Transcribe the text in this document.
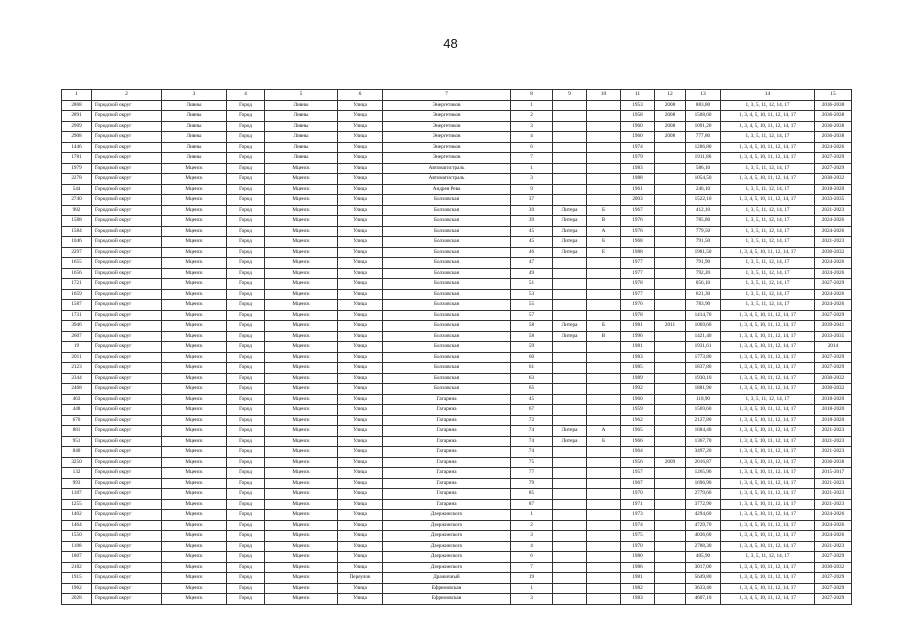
48
1	2	3	4	5	6	7	8	9	10	11	12	13	14	15
2868	Городской округ	Ливны	Город	Ливны	Улица	Энергетиков	1			1953	2008	883,80	1, 3, 5, 11, 12, 14, 17	2036-2038
2891	Городской округ	Ливны	Город	Ливны	Улица	Энергетиков	2			1958	2008	1508,60	1, 3, 4, 5, 10, 11, 12, 14, 17	2036-2038
2909	Городской округ	Ливны	Город	Ливны	Улица	Энергетиков	3			1960	2008	1091,20	1, 3, 4, 5, 10, 11, 12, 14, 17	2036-2038
2908	Городской округ	Ливны	Город	Ливны	Улица	Энергетиков	4			1960	2008	777,80	1, 3, 5, 11, 12, 14, 17	2036-2038
1446	Городской округ	Ливны	Город	Ливны	Улица	Энергетиков	6			1974		1286,80	1, 3, 4, 5, 10, 11, 12, 14, 17	2024-2026
1781	Городской округ	Ливны	Город	Ливны	Улица	Энергетиков	7			1979		1911,80	1, 3, 4, 5, 10, 11, 12, 14, 17	2027-2029
1979	Городской округ	Мценск	Город	Мценск	Улица	Автомагистраль	1			1983		586,10	1, 3, 5, 11, 12, 14, 17	2027-2029
2278	Городской округ	Мценск	Город	Мценск	Улица	Автомагистраль	3			1988		1054,50	1, 3, 4, 5, 10, 11, 12, 14, 17	2030-2032
544	Городской округ	Мценск	Город	Мценск	Улица	Андрея Рева	9			1961		246,10	1, 3, 5, 11, 12, 14, 17	2018-2020
2740	Городской округ	Мценск	Город	Мценск	Улица	Болховская	37			2003		1522,10	1, 3, 4, 5, 10, 11, 12, 14, 17	2033-2035
982	Городской округ	Мценск	Город	Мценск	Улица	Болховская	39	Литера	Б	1967		412,10	1, 3, 5, 11, 12, 14, 17	2021-2023
1588	Городской округ	Мценск	Город	Мценск	Улица	Болховская	39	Литера	В	1976		785,80	1, 3, 5, 11, 12, 14, 17	2024-2026
1584	Городской округ	Мценск	Город	Мценск	Улица	Болховская	45	Литера	А	1976		779,50	1, 3, 5, 11, 12, 14, 17	2024-2026
1046	Городской округ	Мценск	Город	Мценск	Улица	Болховская	45	Литера	Б	1968		791,50	1, 3, 5, 11, 12, 14, 17	2021-2023
2297	Городской округ	Мценск	Город	Мценск	Улица	Болховская	46	Литера	Е	1988		1981,50	1, 3, 4, 5, 10, 11, 12, 14, 17	2030-2032
1655	Городской округ	Мценск	Город	Мценск	Улица	Болховская	47			1977		791,90	1, 3, 5, 11, 12, 14, 17	2024-2026
1656	Городской округ	Мценск	Город	Мценск	Улица	Болховская	49			1977		792,20	1, 3, 5, 11, 12, 14, 17	2024-2026
1721	Городской округ	Мценск	Город	Мценск	Улица	Болховская	51			1978		856,10	1, 3, 5, 11, 12, 14, 17	2027-2029
1659	Городской округ	Мценск	Город	Мценск	Улица	Болховская	53			1977		821,30	1, 3, 5, 11, 12, 14, 17	2024-2026
1587	Городской округ	Мценск	Город	Мценск	Улица	Болховская	55			1976		783,90	1, 3, 5, 11, 12, 14, 17	2024-2026
1731	Городской округ	Мценск	Город	Мценск	Улица	Болховская	57			1978		1414,70	1, 3, 4, 5, 10, 11, 12, 14, 17	2027-2029
3946	Городской округ	Мценск	Город	Мценск	Улица	Болховская	58	Литера	Б	1981	2011	1069,60	1, 3, 4, 5, 10, 11, 12, 14, 17	2039-2041
2607	Городской округ	Мценск	Город	Мценск	Улица	Болховская	58	Литера	В	1996		1421,40	1, 3, 4, 5, 10, 11, 12, 14, 17	2033-2035
19	Городской округ	Мценск	Город	Мценск	Улица	Болховская	59			1981		1931,61	1, 3, 4, 5, 10, 11, 12, 14, 17	2014
2011	Городской округ	Мценск	Город	Мценск	Улица	Болховская	60			1983		1773,80	1, 3, 4, 5, 10, 11, 12, 14, 17	2027-2029
2123	Городской округ	Мценск	Город	Мценск	Улица	Болховская	61			1985		1837,80	1, 3, 4, 5, 10, 11, 12, 14, 17	2027-2029
2344	Городской округ	Мценск	Город	Мценск	Улица	Болховская	63			1989		1930,10	1, 3, 4, 5, 10, 11, 12, 14, 17	2030-2032
2468	Городской округ	Мценск	Город	Мценск	Улица	Болховская	65			1992		1881,90	1, 3, 4, 5, 10, 11, 12, 14, 17	2030-2032
463	Городской округ	Мценск	Город	Мценск	Улица	Гагарина	45			1960		118,90	1, 3, 5, 11, 12, 14, 17	2018-2020
448	Городской округ	Мценск	Город	Мценск	Улица	Гагарина	67			1959		1569,60	1, 3, 4, 5, 10, 11, 12, 14, 17	2018-2020
670	Городской округ	Мценск	Город	Мценск	Улица	Гагарина	72			1962		2127,80	1, 3, 4, 5, 10, 11, 12, 14, 17	2018-2020
881	Городской округ	Мценск	Город	Мценск	Улица	Гагарина	74	Литера	А	1965		1684,40	1, 3, 4, 5, 10, 11, 12, 14, 17	2021-2023
951	Городской округ	Мценск	Город	Мценск	Улица	Гагарина	74	Литера	Б	1966		1367,70	1, 3, 4, 5, 10, 11, 12, 14, 17	2021-2023
840	Городской округ	Мценск	Город	Мценск	Улица	Гагарина	74			1964		3497,20	1, 3, 4, 5, 10, 11, 12, 14, 17	2021-2023
3250	Городской округ	Мценск	Город	Мценск	Улица	Гагарина	75			1956	2009	2016,87	1, 3, 4, 5, 10, 11, 12, 14, 17	2036-2038
132	Городской округ	Мценск	Город	Мценск	Улица	Гагарина	77			1957		1265,90	1, 3, 4, 5, 10, 11, 12, 14, 17	2015-2017
993	Городской округ	Мценск	Город	Мценск	Улица	Гагарина	79			1967		1696,90	1, 3, 4, 5, 10, 11, 12, 14, 17	2021-2023
1187	Городской округ	Мценск	Город	Мценск	Улица	Гагарина	85			1970		2779,60	1, 3, 4, 5, 10, 11, 12, 14, 17	2021-2023
1255	Городской округ	Мценск	Город	Мценск	Улица	Гагарина	87			1971		3772,90	1, 3, 4, 5, 10, 11, 12, 14, 17	2021-2023
1402	Городской округ	Мценск	Город	Мценск	Улица	Дзержинского	1			1973		4294,60	1, 3, 4, 5, 10, 11, 12, 14, 17	2024-2026
1464	Городской округ	Мценск	Город	Мценск	Улица	Дзержинского	2			1974		4729,70	1, 3, 4, 5, 10, 11, 12, 14, 17	2024-2026
1550	Городской округ	Мценск	Город	Мценск	Улица	Дзержинского	3			1975		4036,60	1, 3, 4, 5, 10, 11, 12, 14, 17	2024-2026
1188	Городской округ	Мценск	Город	Мценск	Улица	Дзержинского	4			1970		2788,30	1, 3, 4, 5, 10, 11, 12, 14, 17	2021-2023
1807	Городской округ	Мценск	Город	Мценск	Улица	Дзержинского	6			1980		405,90	1, 3, 5, 11, 12, 14, 17	2027-2029
2182	Городской округ	Мценск	Город	Мценск	Улица	Дзержинского	7			1986		3017,00	1, 3, 4, 5, 10, 11, 12, 14, 17	2030-2032
1915	Городской округ	Мценск	Город	Мценск	Переулок	Дражичный	19			1981		5649,80	1, 3, 4, 5, 10, 11, 12, 14, 17	2027-2029
1962	Городской округ	Мценск	Город	Мценск	Улица	Ефремовская	1			1982		3633,40	1, 3, 4, 5, 10, 11, 12, 14, 17	2027-2029
2028	Городской округ	Мценск	Город	Мценск	Улица	Ефремовская	3			1983		4607,10	1, 3, 4, 5, 10, 11, 12, 14, 17	2027-2029
